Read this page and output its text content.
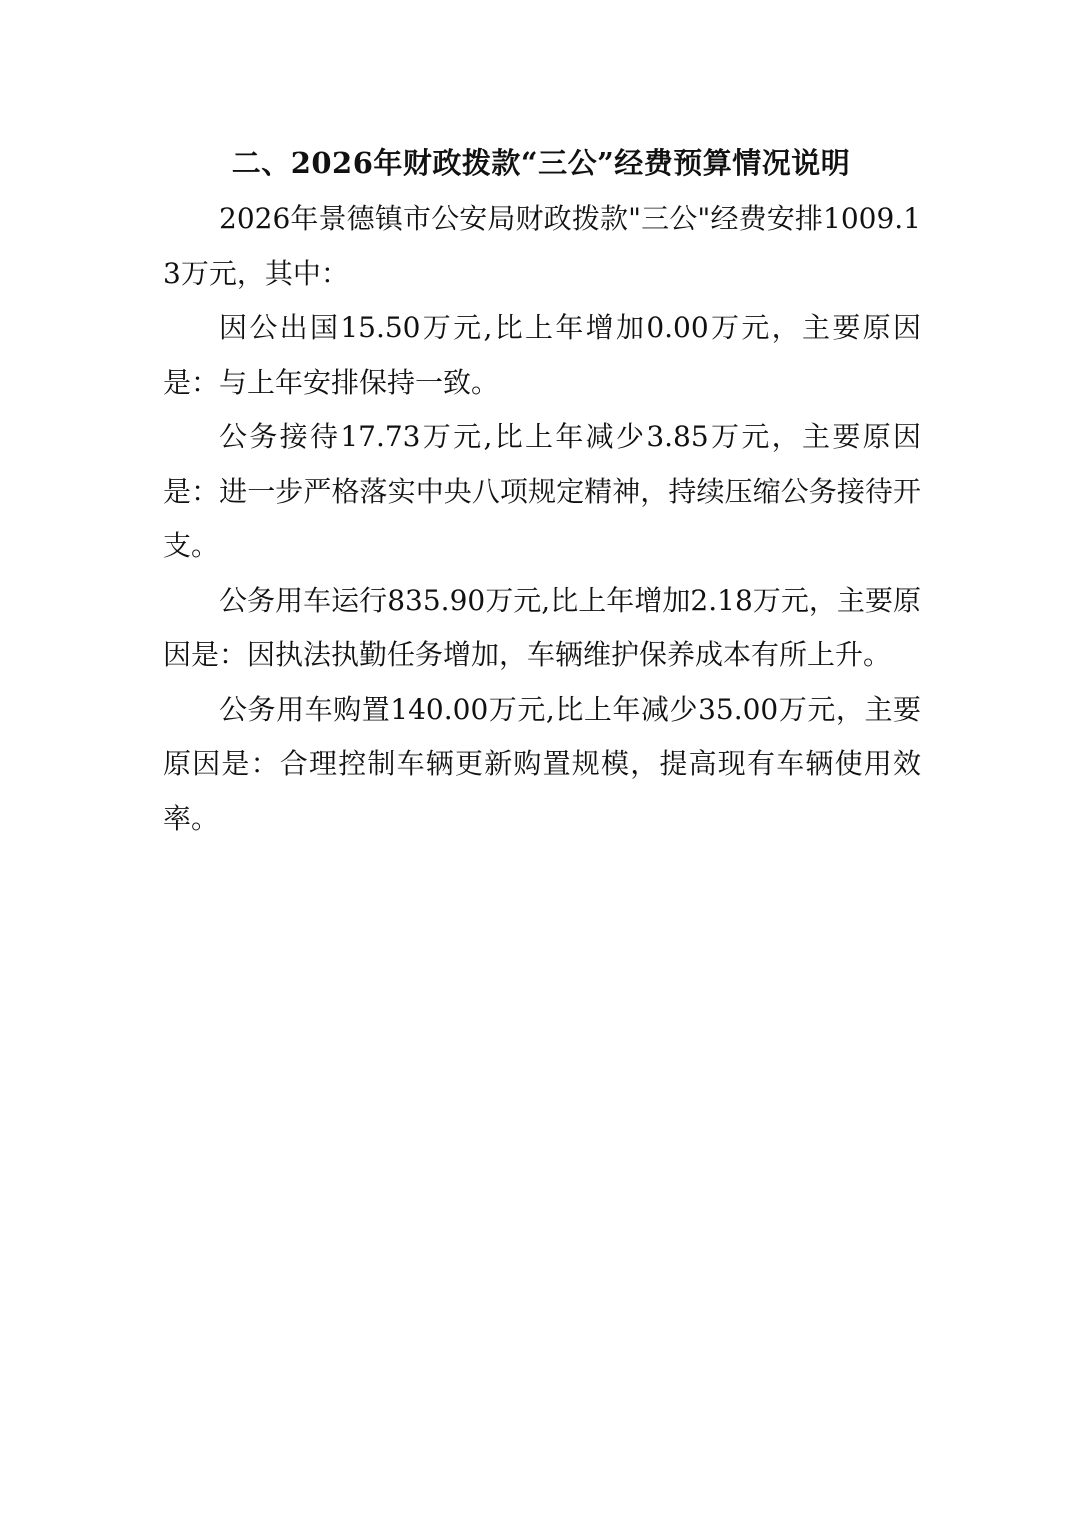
二、2026年财政拨款“三公”经费预算情况说明

2026年景德镇市公安局财政拨款"三公"经费安排1009.13万元，其中：

因公出国15.50万元,比上年增加0.00万元，主要原因是：与上年安排保持一致。

公务接待17.73万元,比上年减少3.85万元，主要原因是：进一步严格落实中央八项规定精神，持续压缩公务接待开支。

公务用车运行835.90万元,比上年增加2.18万元，主要原因是：因执法执勤任务增加，车辆维护保养成本有所上升。

公务用车购置140.00万元,比上年减少35.00万元，主要原因是：合理控制车辆更新购置规模，提高现有车辆使用效率。
